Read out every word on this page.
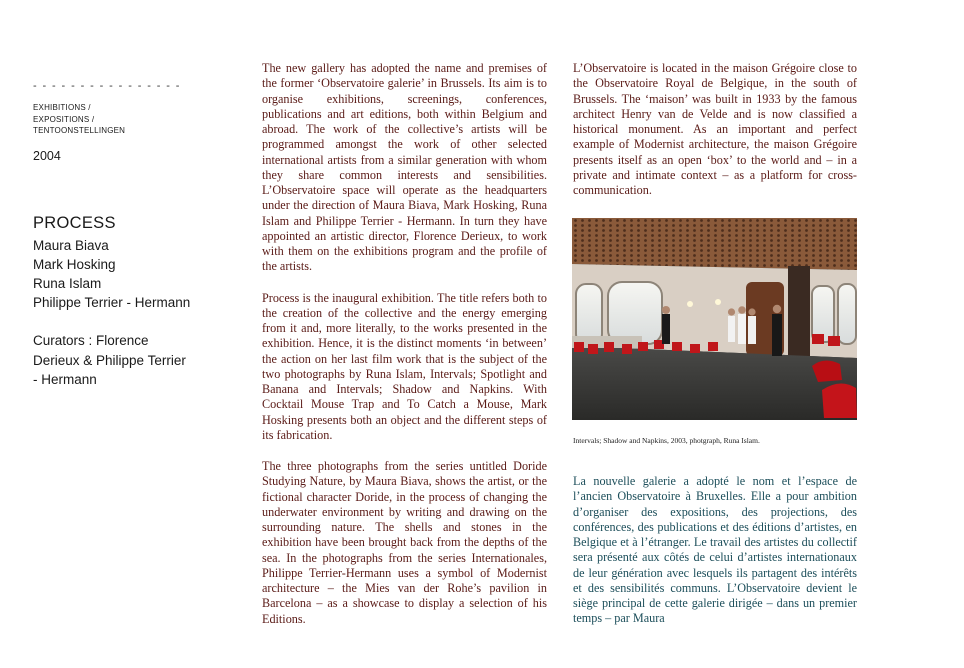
- - - - - - - - - - - - - - - -
EXHIBITIONS /
EXPOSITIONS /
TENTOONSTELLINGEN
2004
PROCESS
Maura Biava
Mark Hosking
Runa Islam
Philippe Terrier - Hermann
Curators : Florence Derieux & Philippe Terrier - Hermann

The new gallery has adopted the name and premises of the former ‘Observatoire galerie’ in Brussels. Its aim is to organise exhibitions, screenings, conferences, publications and art editions, both within Belgium and abroad. The work of the collective’s artists will be programmed amongst the work of other selected international artists from a similar generation with whom they share common interests and sensibilities. L’Observatoire space will operate as the headquarters under the direction of Maura Biava, Mark Hosking, Runa Islam and Philippe Terrier - Hermann. In turn they have appointed an artistic director, Florence Derieux, to work with them on the exhibitions program and the profile of the artists.

Process is the inaugural exhibition. The title refers both to the creation of the collective and the energy emerging from it and, more literally, to the works presented in the exhibition. Hence, it is the distinct moments ‘in between’ the action on her last film work that is the subject of the two photographs by Runa Islam, Intervals; Spotlight and Banana and Intervals; Shadow and Napkins. With Cocktail Mouse Trap and To Catch a Mouse, Mark Hosking presents both an object and the different steps of its fabrication.

The three photographs from the series untitled Doride Studying Nature, by Maura Biava, shows the artist, or the fictional character Doride, in the process of changing the underwater environment by writing and drawing on the surrounding nature. The shells and stones in the exhibition have been brought back from the depths of the sea. In the photographs from the series Internationales, Philippe Terrier-Hermann uses a symbol of Modernist architecture – the Mies van der Rohe’s pavilion in Barcelona – as a showcase to display a selection of his Editions.

L’Observatoire is located in the maison Grégoire close to the Observatoire Royal de Belgique, in the south of Brussels. The ‘maison’ was built in 1933 by the famous architect Henry van de Velde and is now classified a historical monument. As an important and perfect example of Modernist architecture, the maison Grégoire presents itself as an open ‘box’ to the world and – in a private and intimate context – as a platform for cross-communication.

Intervals; Shadow and Napkins, 2003, photgraph, Runa Islam.

La nouvelle galerie a adopté le nom et l’espace de l’ancien Observatoire à Bruxelles. Elle a pour ambition d’organiser des expositions, des projections, des conférences, des publications et des éditions d’artistes, en Belgique et à l’étranger. Le travail des artistes du collectif sera présenté aux côtés de celui d’artistes internationaux de leur génération avec lesquels ils partagent des intérêts et des sensibilités communs. L’Observatoire devient le siège principal de cette galerie dirigée – dans un premier temps – par Maura
